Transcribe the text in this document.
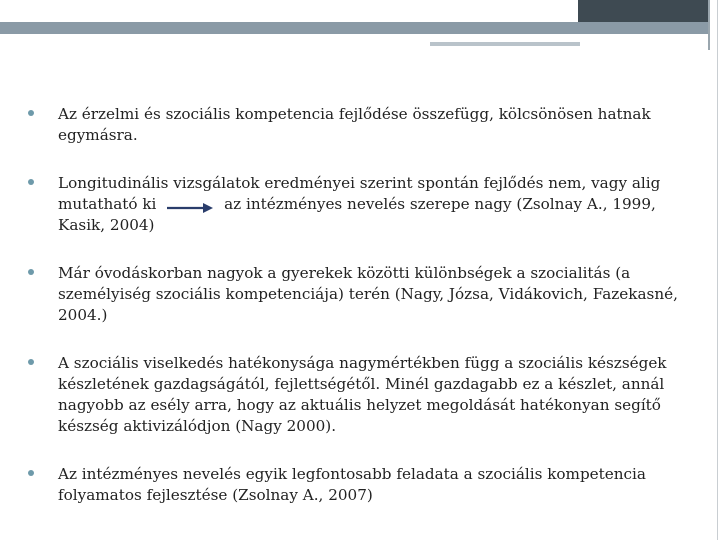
Az érzelmi és szociális kompetencia fejlődése összefügg, kölcsönösen hatnak egymásra.
Longitudinális vizsgálatok eredményei szerint spontán fejlődés nem, vagy alig mutatható ki	az intézményes nevelés szerepe nagy (Zsolnay A., 1999, Kasik, 2004)
Már óvodáskorban nagyok a gyerekek közötti különbségek a szocialitás (a személyiség szociális kompetenciája) terén (Nagy, Józsa, Vidákovich, Fazekasné, 2004.)
A szociális viselkedés hatékonysága nagymértékben függ a szociális készségek készletének gazdagságától, fejlettségétől. Minél gazdagabb ez a készlet, annál nagyobb az esély arra, hogy az aktuális helyzet megoldását hatékonyan segítő készség aktivizálódjon (Nagy 2000).
Az intézményes nevelés egyik legfontosabb feladata a szociális kompetencia folyamatos fejlesztése (Zsolnay A., 2007)
